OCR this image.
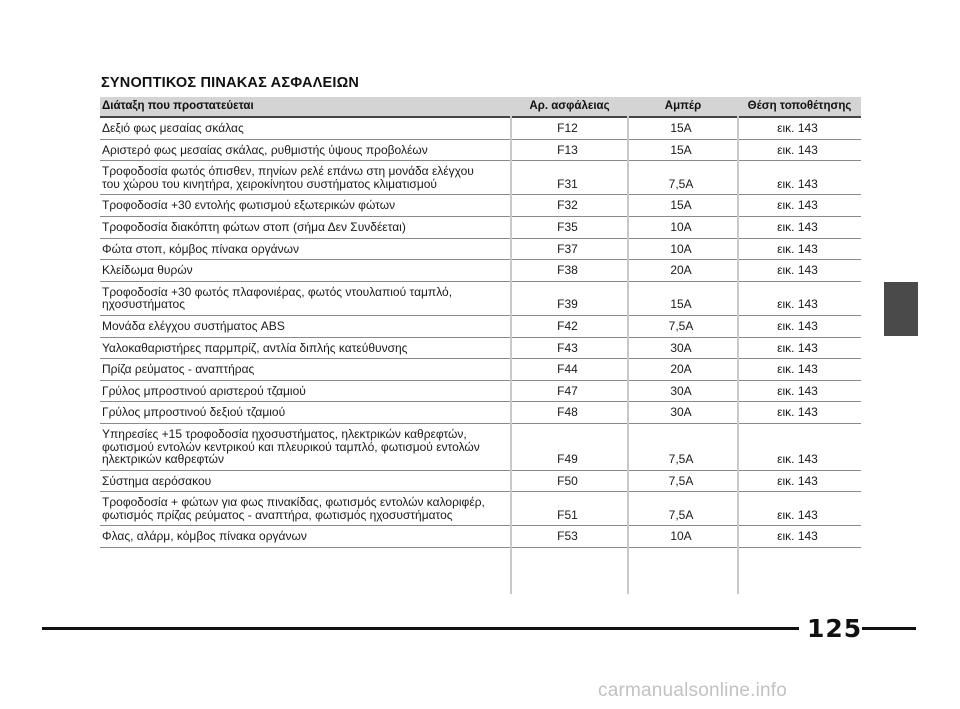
ΣΥΝΟΠΤΙΚΟΣ ΠΙΝΑΚΑΣ ΑΣΦΑΛΕΙΩΝ
Διάταξη που προστατεύεται	Αρ. ασφάλειας	Αμπέρ	Θέση τοποθέτησης
Δεξιό φως μεσαίας σκάλας	F12	15A	εικ. 143
Αριστερό φως μεσαίας σκάλας, ρυθμιστής ύψους προβολέων	F13	15A	εικ. 143
Τροφοδοσία φωτός όπισθεν, πηνίων ρελέ επάνω στη μονάδα ελέγχου του χώρου του κινητήρα, χειροκίνητου συστήματος κλιματισμού	F31	7,5A	εικ. 143
Τροφοδοσία +30 εντολής φωτισμού εξωτερικών φώτων	F32	15A	εικ. 143
Τροφοδοσία διακόπτη φώτων στοπ (σήμα Δεν Συνδέεται)	F35	10A	εικ. 143
Φώτα στοπ, κόμβος πίνακα οργάνων	F37	10A	εικ. 143
Κλείδωμα θυρών	F38	20A	εικ. 143
Τροφοδοσία +30 φωτός πλαφονιέρας, φωτός ντουλαπιού ταμπλό, ηχοσυστήματος	F39	15A	εικ. 143
Μονάδα ελέγχου συστήματος ABS	F42	7,5A	εικ. 143
Υαλοκαθαριστήρες παρμπρίζ, αντλία διπλής κατεύθυνσης	F43	30A	εικ. 143
Πρίζα ρεύματος - αναπτήρας	F44	20A	εικ. 143
Γρύλος μπροστινού αριστερού τζαμιού	F47	30A	εικ. 143
Γρύλος μπροστινού δεξιού τζαμιού	F48	30A	εικ. 143
Υπηρεσίες +15 τροφοδοσία ηχοσυστήματος, ηλεκτρικών καθρεφτών, φωτισμού εντολών κεντρικού και πλευρικού ταμπλό, φωτισμού εντολών ηλεκτρικών καθρεφτών	F49	7,5A	εικ. 143
Σύστημα αερόσακου	F50	7,5A	εικ. 143
Τροφοδοσία + φώτων για φως πινακίδας, φωτισμός εντολών καλοριφέρ, φωτισμός πρίζας ρεύματος - αναπτήρα, φωτισμός ηχοσυστήματος	F51	7,5A	εικ. 143
Φλας, αλάρμ, κόμβος πίνακα οργάνων	F53	10A	εικ. 143
125
carmanualsonline.info
